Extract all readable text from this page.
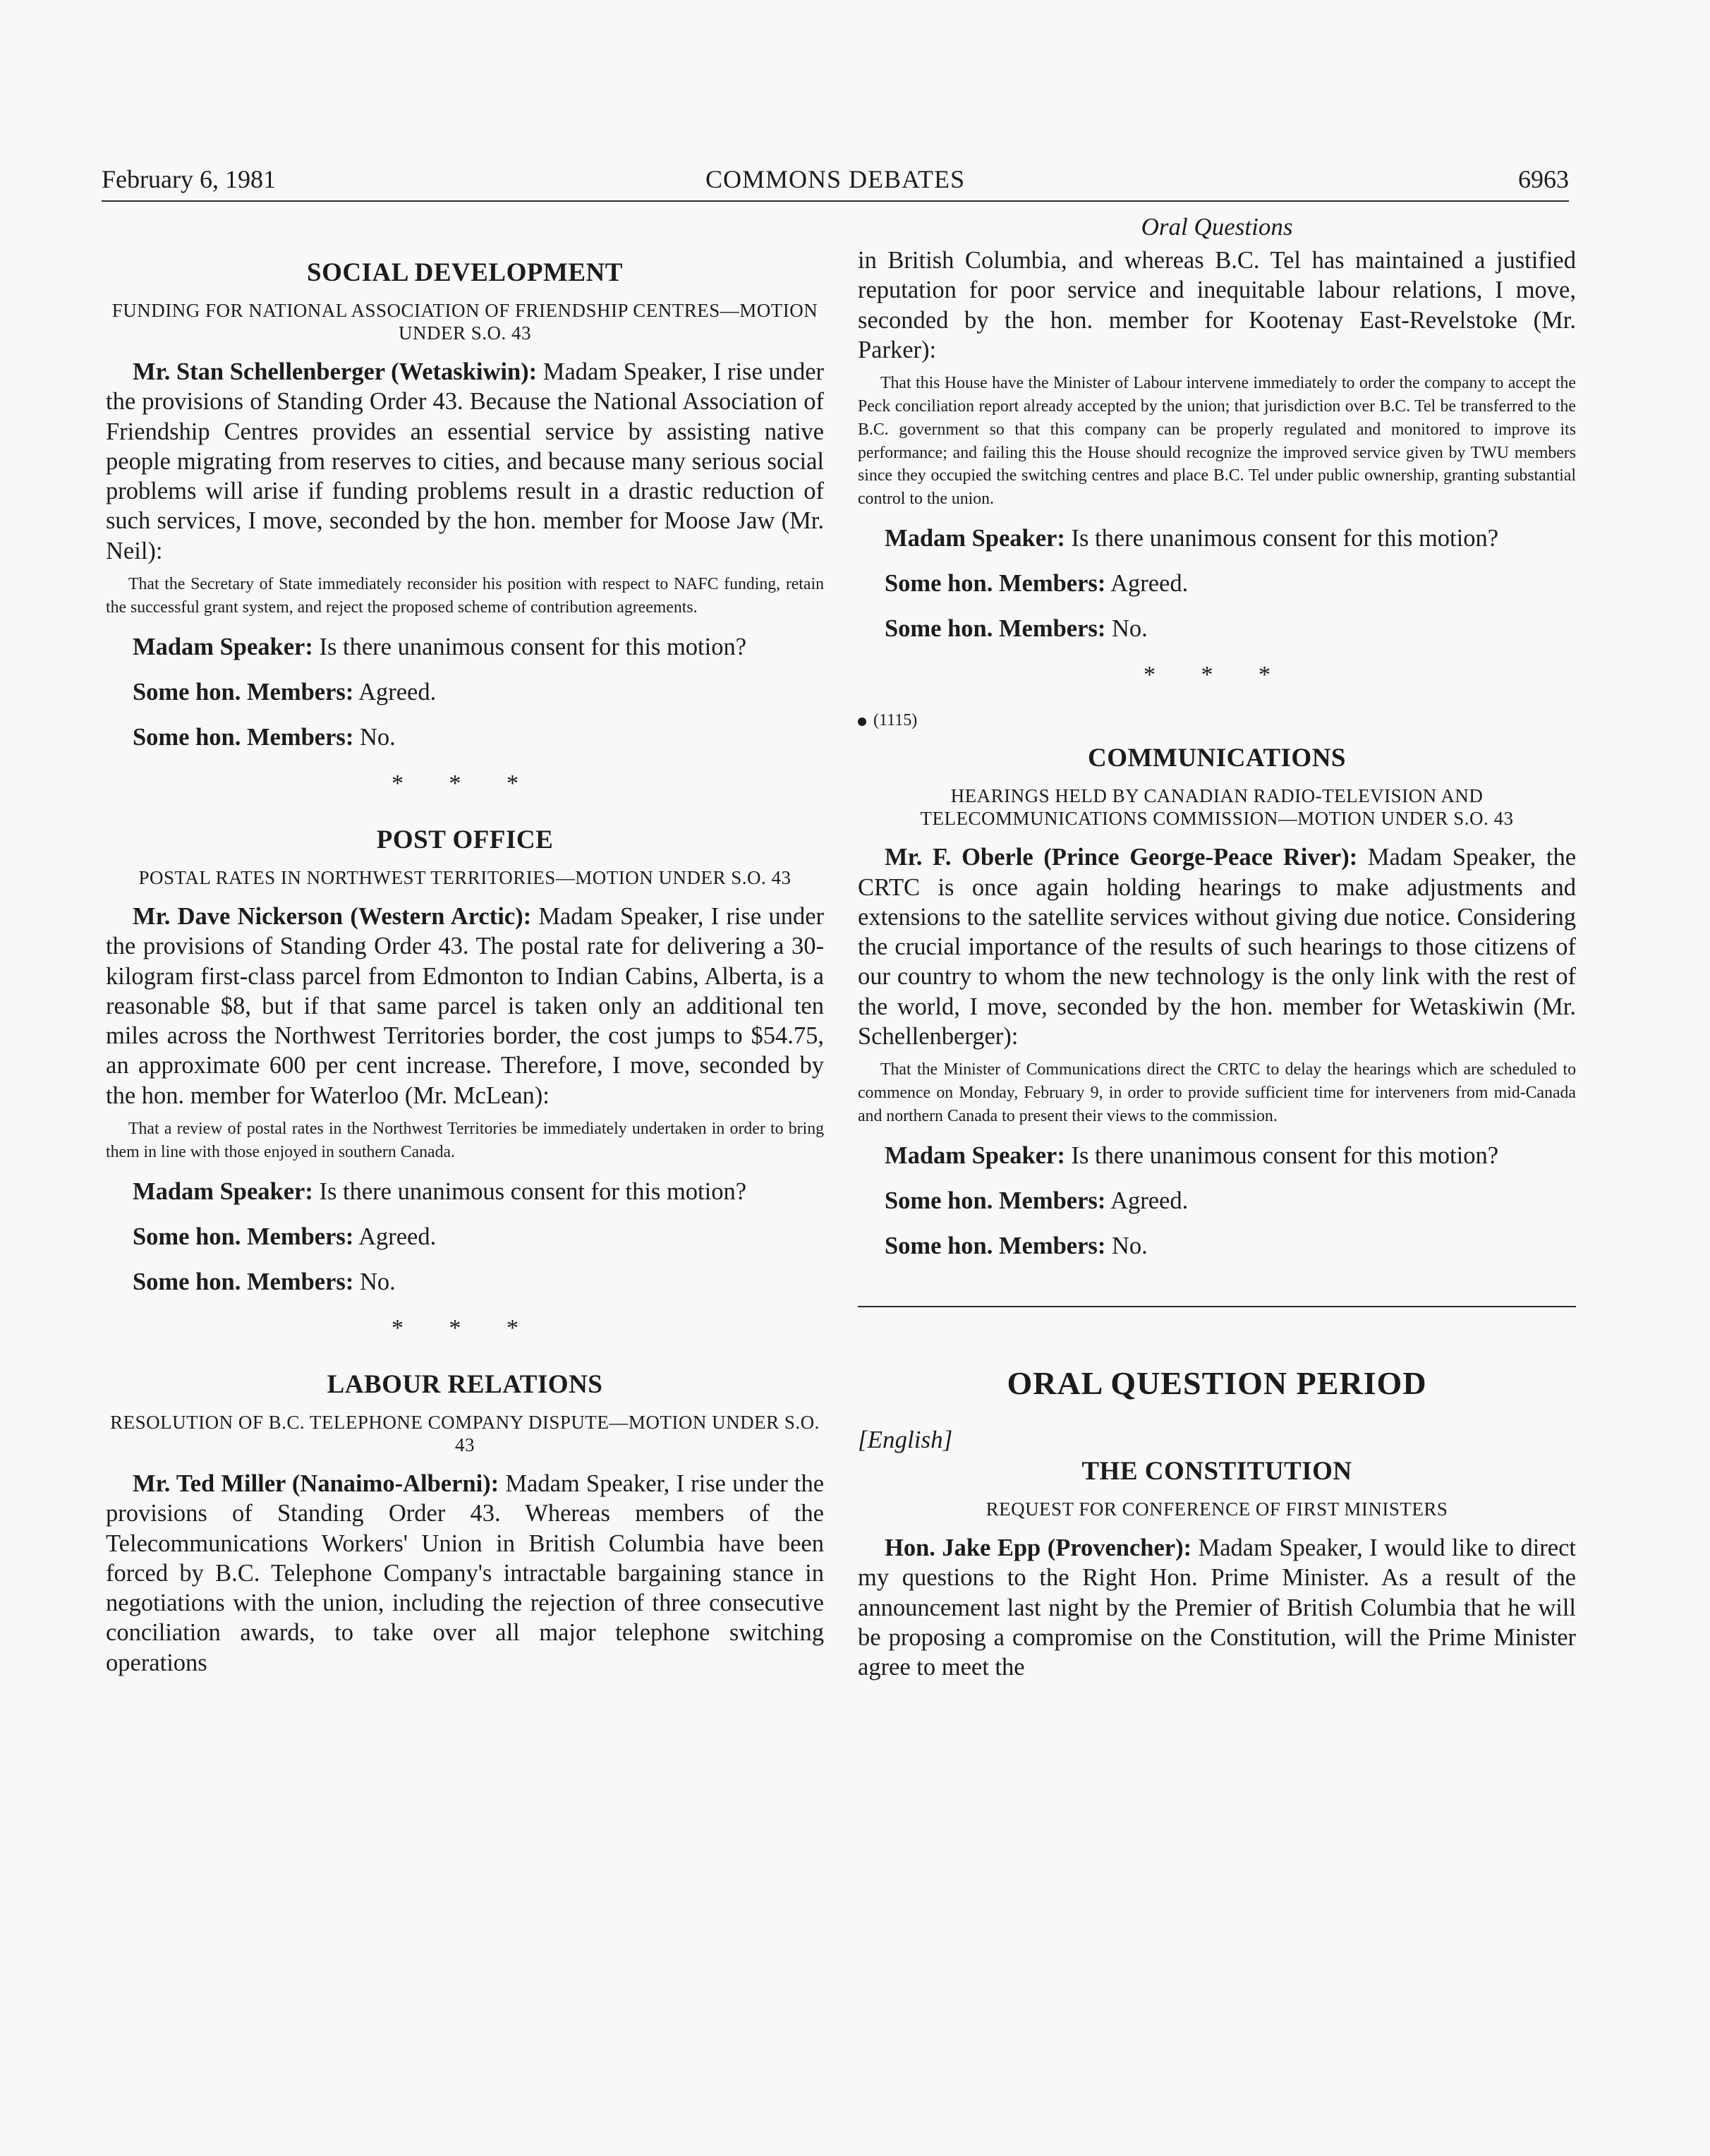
February 6, 1981	COMMONS DEBATES	6963
SOCIAL DEVELOPMENT
FUNDING FOR NATIONAL ASSOCIATION OF FRIENDSHIP CENTRES—MOTION UNDER S.O. 43

Mr. Stan Schellenberger (Wetaskiwin): Madam Speaker, I rise under the provisions of Standing Order 43. Because the National Association of Friendship Centres provides an essential service by assisting native people migrating from reserves to cities, and because many serious social problems will arise if funding problems result in a drastic reduction of such services, I move, seconded by the hon. member for Moose Jaw (Mr. Neil):

That the Secretary of State immediately reconsider his position with respect to NAFC funding, retain the successful grant system, and reject the proposed scheme of contribution agreements.

Madam Speaker: Is there unanimous consent for this motion?

Some hon. Members: Agreed.

Some hon. Members: No.

* * *
POST OFFICE
POSTAL RATES IN NORTHWEST TERRITORIES—MOTION UNDER S.O. 43

Mr. Dave Nickerson (Western Arctic): Madam Speaker, I rise under the provisions of Standing Order 43. The postal rate for delivering a 30-kilogram first-class parcel from Edmonton to Indian Cabins, Alberta, is a reasonable $8, but if that same parcel is taken only an additional ten miles across the Northwest Territories border, the cost jumps to $54.75, an approximate 600 per cent increase. Therefore, I move, seconded by the hon. member for Waterloo (Mr. McLean):

That a review of postal rates in the Northwest Territories be immediately undertaken in order to bring them in line with those enjoyed in southern Canada.

Madam Speaker: Is there unanimous consent for this motion?

Some hon. Members: Agreed.

Some hon. Members: No.

* * *
LABOUR RELATIONS
RESOLUTION OF B.C. TELEPHONE COMPANY DISPUTE—MOTION UNDER S.O. 43

Mr. Ted Miller (Nanaimo-Alberni): Madam Speaker, I rise under the provisions of Standing Order 43. Whereas members of the Telecommunications Workers' Union in British Columbia have been forced by B.C. Telephone Company's intractable bargaining stance in negotiations with the union, including the rejection of three consecutive conciliation awards, to take over all major telephone switching operations

Oral Questions

in British Columbia, and whereas B.C. Tel has maintained a justified reputation for poor service and inequitable labour relations, I move, seconded by the hon. member for Kootenay East-Revelstoke (Mr. Parker):

That this House have the Minister of Labour intervene immediately to order the company to accept the Peck conciliation report already accepted by the union; that jurisdiction over B.C. Tel be transferred to the B.C. government so that this company can be properly regulated and monitored to improve its performance; and failing this the House should recognize the improved service given by TWU members since they occupied the switching centres and place B.C. Tel under public ownership, granting substantial control to the union.

Madam Speaker: Is there unanimous consent for this motion?

Some hon. Members: Agreed.

Some hon. Members: No.

* * *
(1115)
COMMUNICATIONS
HEARINGS HELD BY CANADIAN RADIO-TELEVISION AND TELECOMMUNICATIONS COMMISSION—MOTION UNDER S.O. 43

Mr. F. Oberle (Prince George-Peace River): Madam Speaker, the CRTC is once again holding hearings to make adjustments and extensions to the satellite services without giving due notice. Considering the crucial importance of the results of such hearings to those citizens of our country to whom the new technology is the only link with the rest of the world, I move, seconded by the hon. member for Wetaskiwin (Mr. Schellenberger):

That the Minister of Communications direct the CRTC to delay the hearings which are scheduled to commence on Monday, February 9, in order to provide sufficient time for interveners from mid-Canada and northern Canada to present their views to the commission.

Madam Speaker: Is there unanimous consent for this motion?

Some hon. Members: Agreed.

Some hon. Members: No.

ORAL QUESTION PERIOD
[English]
THE CONSTITUTION
REQUEST FOR CONFERENCE OF FIRST MINISTERS

Hon. Jake Epp (Provencher): Madam Speaker, I would like to direct my questions to the Right Hon. Prime Minister. As a result of the announcement last night by the Premier of British Columbia that he will be proposing a compromise on the Constitution, will the Prime Minister agree to meet the
